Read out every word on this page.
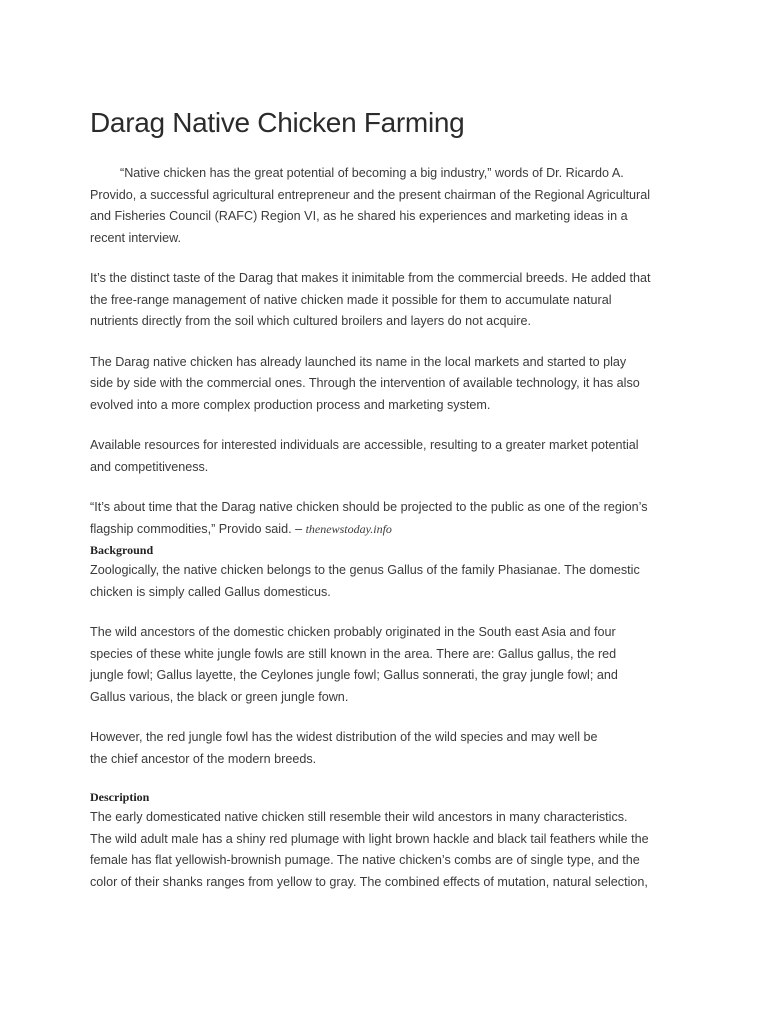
Darag Native Chicken Farming

“Native chicken has the great potential of becoming a big industry,” words of Dr. Ricardo A.

Provido, a successful agricultural entrepreneur and the present chairman of the Regional Agricultural

and Fisheries Council (RAFC) Region VI, as he shared his experiences and marketing ideas in a

recent interview.

It’s the distinct taste of the Darag that makes it inimitable from the commercial breeds. He added that

the free-range management of native chicken made it possible for them to accumulate natural

nutrients directly from the soil which cultured broilers and layers do not acquire.

The Darag native chicken has already launched its name in the local markets and started to play

side by side with the commercial ones. Through the intervention of available technology, it has also

evolved into a more complex production process and marketing system.

Available resources for interested individuals are accessible, resulting to a greater market potential

and competitiveness.

“It’s about time that the Darag native chicken should be projected to the public as one of the region’s

flagship commodities,” Provido said. – thenewstoday.info

Background

Zoologically, the native chicken belongs to the genus Gallus of the family Phasianae. The domestic

chicken is simply called Gallus domesticus.

The wild ancestors of the domestic chicken probably originated in the South east Asia and four

species of these white jungle fowls are still known in the area. There are: Gallus gallus, the red

jungle fowl; Gallus layette, the Ceylones jungle fowl; Gallus sonnerati, the gray jungle fowl; and

Gallus various, the black or green jungle fown.

However, the red jungle fowl has the widest distribution of the wild species and may well be

the chief ancestor of the modern breeds.

Description

The early domesticated native chicken still resemble their wild ancestors in many characteristics.

The wild adult male has a shiny red plumage with light brown hackle and black tail feathers while the

female has flat yellowish-brownish pumage. The native chicken’s combs are of single type, and the

color of their shanks ranges from yellow to gray. The combined effects of mutation, natural selection,
